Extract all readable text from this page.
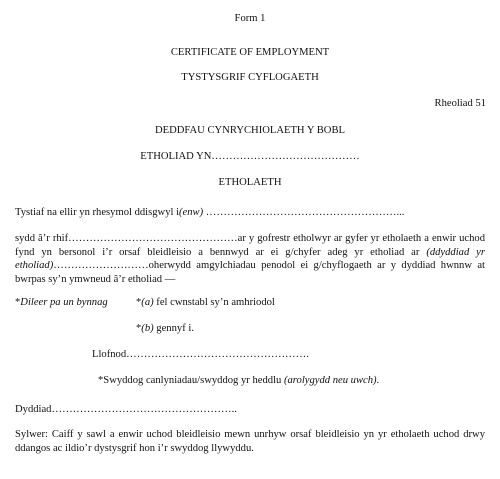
Form 1
CERTIFICATE OF EMPLOYMENT
TYSTYSGRIF CYFLOGAETH
Rheoliad 51
DEDDFAU CYNRYCHIOLAETH Y BOBL
ETHOLIAD YN……………………………………
ETHOLAETH
Tystiaf na ellir yn rhesymol ddisgwyl i(enw) ………………………………………………...
sydd â’r rhif…………………………………………ar y gofrestr etholwyr ar gyfer yr etholaeth a enwir uchod fynd yn bersonol i’r orsaf bleidleisio a bennwyd ar ei g/chyfer adeg yr etholiad ar (ddyddiad yr etholiad)………………………oherwydd amgylchiadau penodol ei g/chyflogaeth ar y dyddiad hwnnw at bwrpas sy’n ymwneud â’r etholiad —
*Dileer pa un bynnag	*(a) fel cwnstabl sy’n amhriodol
*(b) gennyf i.
Llofnod…………………………………………….
*Swyddog canlyniadau/swyddog yr heddlu (arolygydd neu uwch).
Dyddiad……………………………………………..
Sylwer: Caiff y sawl a enwir uchod bleidleisio mewn unrhyw orsaf bleidleisio yn yr etholaeth uchod drwy ddangos ac ildio’r dystysgrif hon i’r swyddog llywyddu.
